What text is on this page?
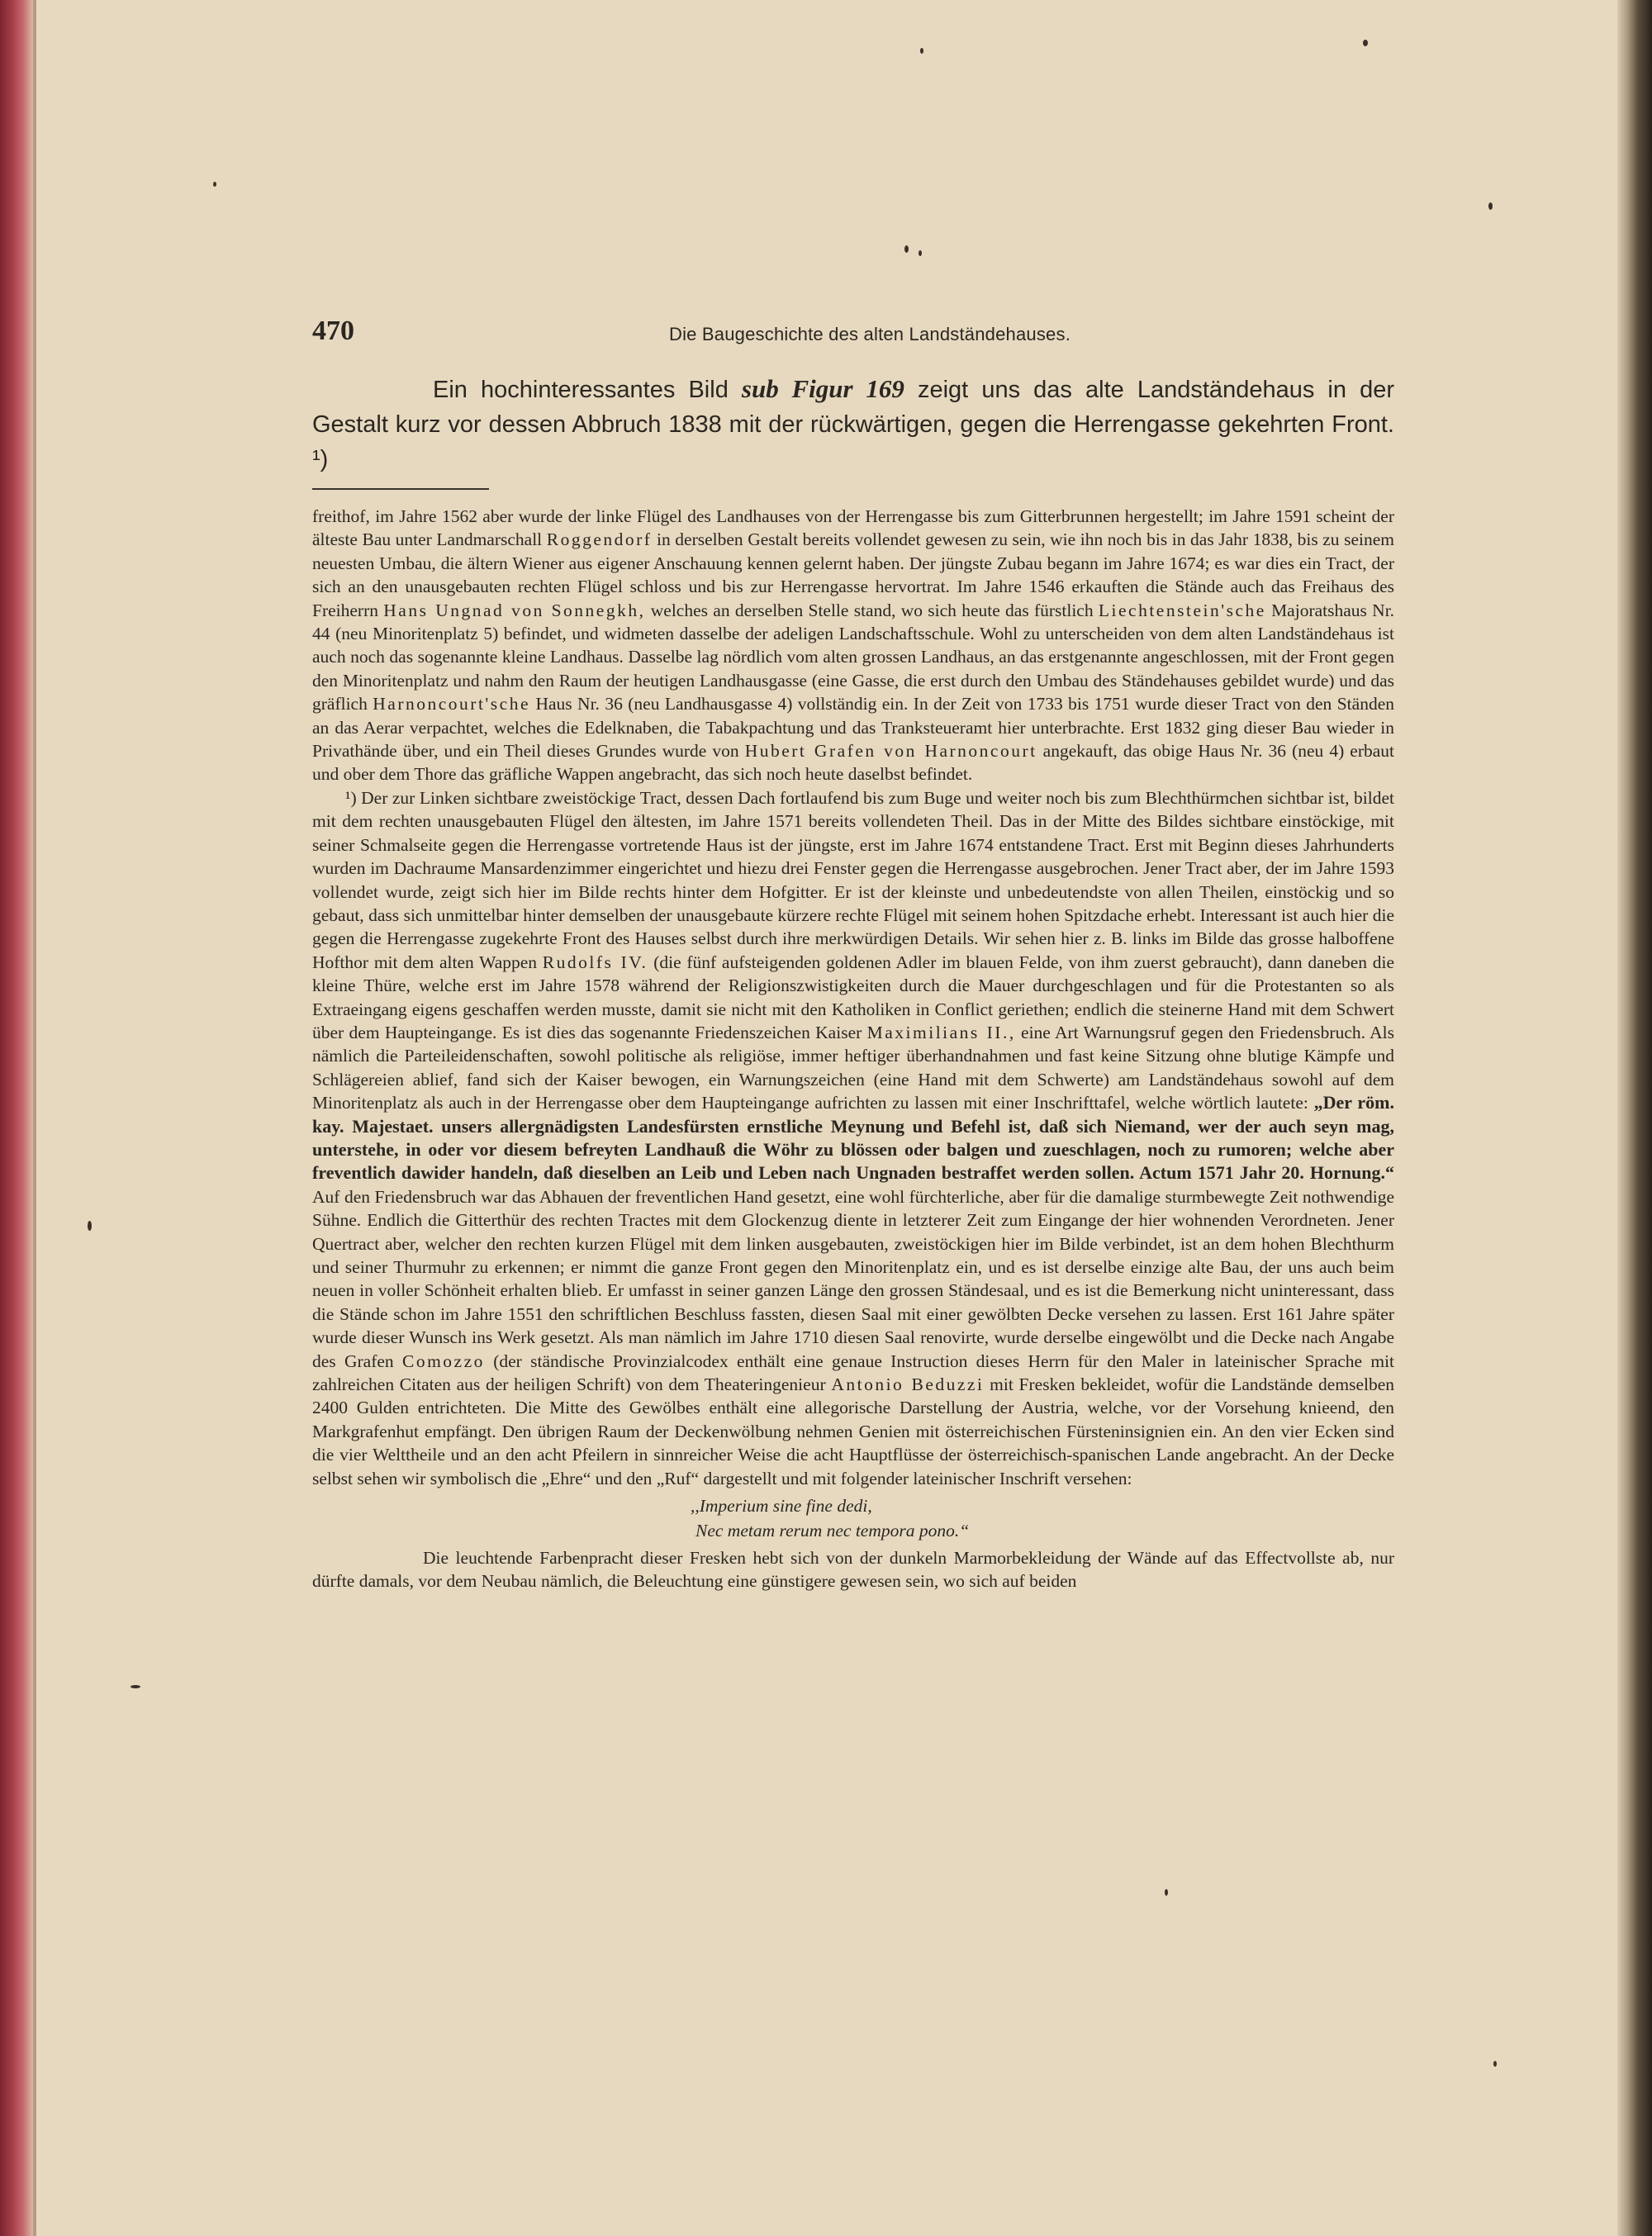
470	Die Baugeschichte des alten Landständehauses.

Ein hochinteressantes Bild sub Figur 169 zeigt uns das alte Landständehaus in der Gestalt kurz vor dessen Abbruch 1838 mit der rückwärtigen, gegen die Herrengasse gekehrten Front. ¹)

freithof, im Jahre 1562 aber wurde der linke Flügel des Landhauses von der Herrengasse bis zum Gitterbrunnen hergestellt; im Jahre 1591 scheint der älteste Bau unter Landmarschall Roggendorf in derselben Gestalt bereits vollendet gewesen zu sein, wie ihn noch bis in das Jahr 1838, bis zu seinem neuesten Umbau, die ältern Wiener aus eigener Anschauung kennen gelernt haben. Der jüngste Zubau begann im Jahre 1674; es war dies ein Tract, der sich an den unausgebauten rechten Flügel schloss und bis zur Herrengasse hervortrat. Im Jahre 1546 erkauften die Stände auch das Freihaus des Freiherrn Hans Ungnad von Sonnegkh, welches an derselben Stelle stand, wo sich heute das fürstlich Liechtenstein'sche Majoratshaus Nr. 44 (neu Minoritenplatz 5) befindet, und widmeten dasselbe der adeligen Landschaftsschule. Wohl zu unterscheiden von dem alten Landständehaus ist auch noch das sogenannte kleine Landhaus. Dasselbe lag nördlich vom alten grossen Landhaus, an das erstgenannte angeschlossen, mit der Front gegen den Minoritenplatz und nahm den Raum der heutigen Landhausgasse (eine Gasse, die erst durch den Umbau des Ständehauses gebildet wurde) und das gräflich Harnoncourt'sche Haus Nr. 36 (neu Landhausgasse 4) vollständig ein. In der Zeit von 1733 bis 1751 wurde dieser Tract von den Ständen an das Aerar verpachtet, welches die Edelknaben, die Tabakpachtung und das Tranksteueramt hier unterbrachte. Erst 1832 ging dieser Bau wieder in Privathände über, und ein Theil dieses Grundes wurde von Hubert Grafen von Harnoncourt angekauft, das obige Haus Nr. 36 (neu 4) erbaut und ober dem Thore das gräfliche Wappen angebracht, das sich noch heute daselbst befindet.

¹) Der zur Linken sichtbare zweistöckige Tract, dessen Dach fortlaufend bis zum Buge und weiter noch bis zum Blechthürmchen sichtbar ist, bildet mit dem rechten unausgebauten Flügel den ältesten, im Jahre 1571 bereits vollendeten Theil. Das in der Mitte des Bildes sichtbare einstöckige, mit seiner Schmalseite gegen die Herrengasse vortretende Haus ist der jüngste, erst im Jahre 1674 entstandene Tract. Erst mit Beginn dieses Jahrhunderts wurden im Dachraume Mansardenzimmer eingerichtet und hiezu drei Fenster gegen die Herrengasse ausgebrochen. Jener Tract aber, der im Jahre 1593 vollendet wurde, zeigt sich hier im Bilde rechts hinter dem Hofgitter. Er ist der kleinste und unbedeutendste von allen Theilen, einstöckig und so gebaut, dass sich unmittelbar hinter demselben der unausgebaute kürzere rechte Flügel mit seinem hohen Spitzdache erhebt. Interessant ist auch hier die gegen die Herrengasse zugekehrte Front des Hauses selbst durch ihre merkwürdigen Details. Wir sehen hier z. B. links im Bilde das grosse halboffene Hofthor mit dem alten Wappen Rudolfs IV. (die fünf aufsteigenden goldenen Adler im blauen Felde, von ihm zuerst gebraucht), dann daneben die kleine Thüre, welche erst im Jahre 1578 während der Religionszwistigkeiten durch die Mauer durchgeschlagen und für die Protestanten so als Extraeingang eigens geschaffen werden musste, damit sie nicht mit den Katholiken in Conflict geriethen; endlich die steinerne Hand mit dem Schwert über dem Haupteingange. Es ist dies das sogenannte Friedenszeichen Kaiser Maximilians II., eine Art Warnungsruf gegen den Friedensbruch. Als nämlich die Parteileidenschaften, sowohl politische als religiöse, immer heftiger überhandnahmen und fast keine Sitzung ohne blutige Kämpfe und Schlägereien ablief, fand sich der Kaiser bewogen, ein Warnungszeichen (eine Hand mit dem Schwerte) am Landständehaus sowohl auf dem Minoritenplatz als auch in der Herrengasse ober dem Haupteingange aufrichten zu lassen mit einer Inschrifttafel, welche wörtlich lautete: „Der röm. kay. Majestaet. unsers allergnädigsten Landesfürsten ernstliche Meynung und Befehl ist, daß sich Niemand, wer der auch seyn mag, unterstehe, in oder vor diesem befreyten Landhauß die Wöhr zu blössen oder balgen und zueschlagen, noch zu rumoren; welche aber freventlich dawider handeln, daß dieselben an Leib und Leben nach Ungnaden bestraffet werden sollen. Actum 1571 Jahr 20. Hornung.“ Auf den Friedensbruch war das Abhauen der freventlichen Hand gesetzt, eine wohl fürchterliche, aber für die damalige sturmbewegte Zeit nothwendige Sühne. Endlich die Gitterthür des rechten Tractes mit dem Glockenzug diente in letzterer Zeit zum Eingange der hier wohnenden Verordneten. Jener Quertract aber, welcher den rechten kurzen Flügel mit dem linken ausgebauten, zweistöckigen hier im Bilde verbindet, ist an dem hohen Blechthurm und seiner Thurmuhr zu erkennen; er nimmt die ganze Front gegen den Minoritenplatz ein, und es ist derselbe einzige alte Bau, der uns auch beim neuen in voller Schönheit erhalten blieb. Er umfasst in seiner ganzen Länge den grossen Ständesaal, und es ist die Bemerkung nicht uninteressant, dass die Stände schon im Jahre 1551 den schriftlichen Beschluss fassten, diesen Saal mit einer gewölbten Decke versehen zu lassen. Erst 161 Jahre später wurde dieser Wunsch ins Werk gesetzt. Als man nämlich im Jahre 1710 diesen Saal renovirte, wurde derselbe eingewölbt und die Decke nach Angabe des Grafen Comozzo (der ständische Provinzialcodex enthält eine genaue Instruction dieses Herrn für den Maler in lateinischer Sprache mit zahlreichen Citaten aus der heiligen Schrift) von dem Theateringenieur Antonio Beduzzi mit Fresken bekleidet, wofür die Landstände demselben 2400 Gulden entrichteten. Die Mitte des Gewölbes enthält eine allegorische Darstellung der Austria, welche, vor der Vorsehung knieend, den Markgrafenhut empfängt. Den übrigen Raum der Deckenwölbung nehmen Genien mit österreichischen Fürsteninsignien ein. An den vier Ecken sind die vier Welttheile und an den acht Pfeilern in sinnreicher Weise die acht Hauptflüsse der österreichisch-spanischen Lande angebracht. An der Decke selbst sehen wir symbolisch die „Ehre“ und den „Ruf“ dargestellt und mit folgender lateinischer Inschrift versehen:

,,Imperium sine fine dedi,
Nec metam rerum nec tempora pono.“

Die leuchtende Farbenpracht dieser Fresken hebt sich von der dunkeln Marmorbekleidung der Wände auf das Effectvollste ab, nur dürfte damals, vor dem Neubau nämlich, die Beleuchtung eine günstigere gewesen sein, wo sich auf beiden
